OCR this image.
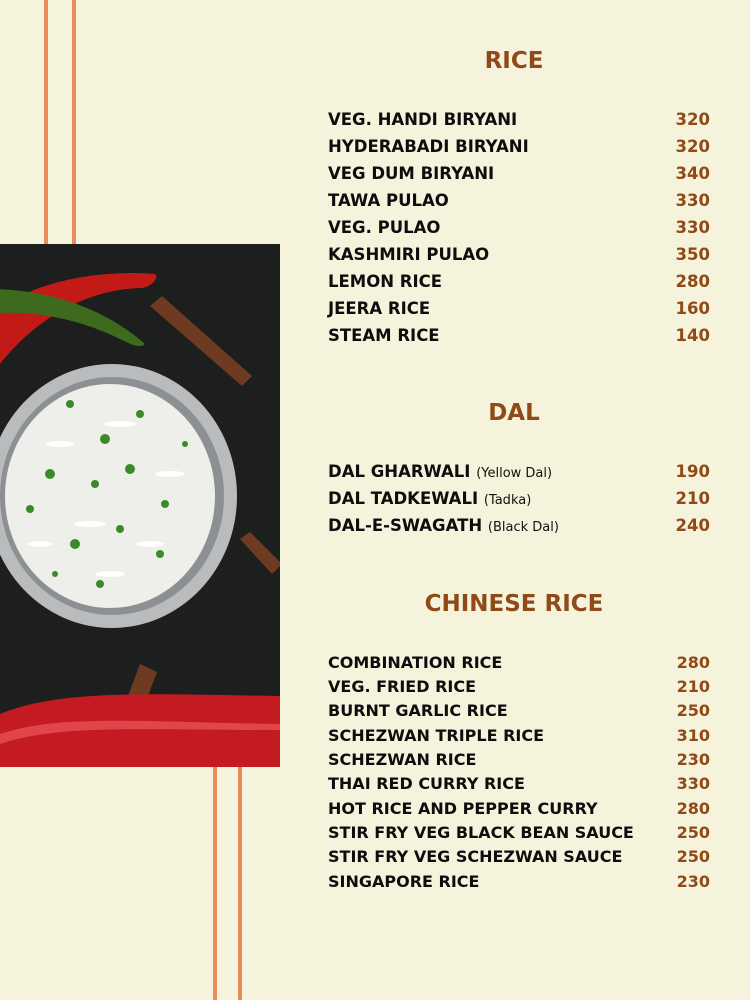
RICE
VEG. HANDI BIRYANI	320
HYDERABADI BIRYANI	320
VEG DUM BIRYANI	340
TAWA PULAO	330
VEG. PULAO	330
KASHMIRI PULAO	350
LEMON RICE	280
JEERA RICE	160
STEAM RICE	140
DAL
DAL GHARWALI (Yellow Dal)	190
DAL TADKEWALI (Tadka)	210
DAL-E-SWAGATH (Black Dal)	240
CHINESE RICE
COMBINATION RICE	280
VEG. FRIED RICE	210
BURNT GARLIC RICE	250
SCHEZWAN TRIPLE RICE	310
SCHEZWAN RICE	230
THAI RED CURRY RICE	330
HOT RICE AND PEPPER CURRY	280
STIR FRY VEG BLACK BEAN SAUCE	250
STIR FRY VEG SCHEZWAN SAUCE	250
SINGAPORE RICE	230
